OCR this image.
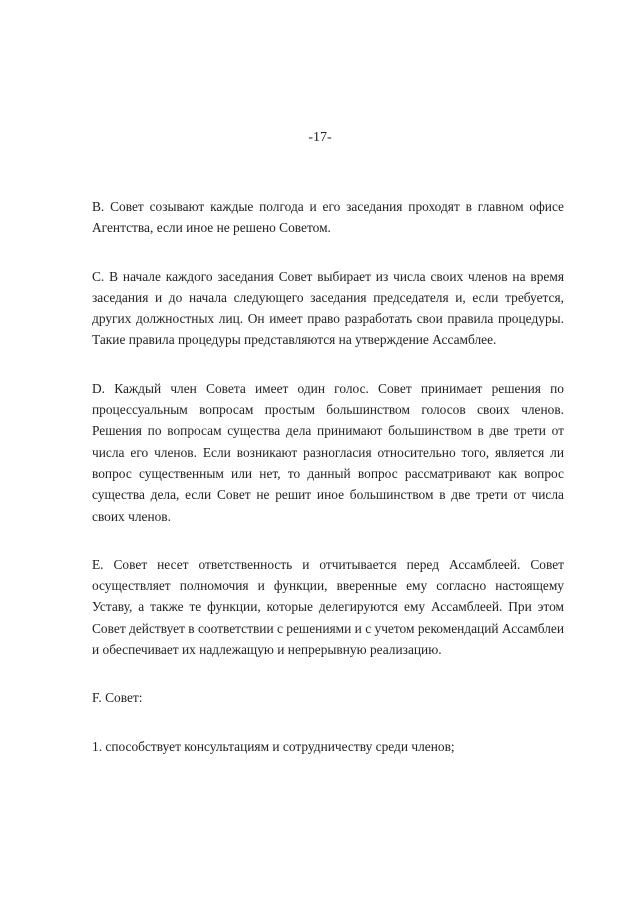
-17-

B. Совет созывают каждые полгода и его заседания проходят в главном офисе Агентства, если иное не решено Советом.

C. В начале каждого заседания Совет выбирает из числа своих членов на время заседания и до начала следующего заседания председателя и, если требуется, других должностных лиц. Он имеет право разработать свои правила процедуры. Такие правила процедуры представляются на утверждение Ассамблее.

D. Каждый член Совета имеет один голос. Совет принимает решения по процессуальным вопросам простым большинством голосов своих членов. Решения по вопросам существа дела принимают большинством в две трети от числа его членов. Если возникают разногласия относительно того, является ли вопрос существенным или нет, то данный вопрос рассматривают как вопрос существа дела, если Совет не решит иное большинством в две трети от числа своих членов.

E. Совет несет ответственность и отчитывается перед Ассамблеей. Совет осуществляет полномочия и функции, вверенные ему согласно настоящему Уставу, а также те функции, которые делегируются ему Ассамблеей. При этом Совет действует в соответствии с решениями и с учетом рекомендаций Ассамблеи и обеспечивает их надлежащую и непрерывную реализацию.

F. Совет:

1. способствует консультациям и сотрудничеству среди членов;
